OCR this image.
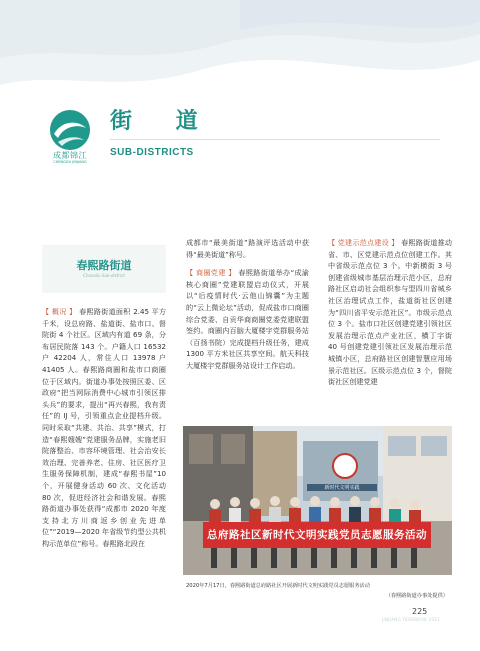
成都锦江
CHENGDU JINJIANG
街 道
SUB-DISTRICTS
春熙路街道
Chunxilu Sub-district
【 概况 】 春熙路街道面积 2.45 平方千米，设总府路、盐道街、盐市口、督院街 4 个社区。区域内有道 69 条，分布居民院落 143 个。户籍人口 16532 户 42204 人，常住人口 13978 户 41405 人。春熙路商圈和盐市口商圈位于区域内。街道办事处按照区委、区政府“把当网际消费中心城市引领区排头兵”的要求，提出“再兴春熙，我有责任”的 IJ 号，引领重点企业提档升级。同时采取“共建、共治、共享”模式，打造“春熙嫂嫂”党建服务品牌，实施老旧院落整治、市容环境管理、社会治安长效治理、完善养老、住房、社区医疗卫生服务保障机制，建成“春熙书屋”10 个，开展健身活动 60 次、文化活动 80 次，促进经济社会和谐发展。春熙路街道办事处获得“成都市 2020 年度支持北方川商返乡创业先进单位”“2019—2020 年省级节约型公共机构示范单位”称号。春熙路北段在
成都市“最美街道”路演评选活动中获得“最美街道”称号。
【 商圈党建 】 春熙路街道举办“成渝核心商圈”党建联盟启动仪式，开展以“后疫情时代·云他山锦囊”为主题的“云上微论坛”活动，促成盐市口商圈综合党委、自贡华商商圈党委党建联盟签约。商圈内百脑大厦楼宇党群服务站（百扬书院）完成提档升级任务，建成 1300 平方米社区共享空间。航天科技大厦楼宇党群服务站设计工作启动。
【 党建示范点建设 】 春熙路街道推动省、市、区党建示范点位创建工作。其中省级示范点位 3 个。中新横街 3 号创建省级城市基层治理示范小区，总府路社区启动社会组织参与型四川省城乡社区治理试点工作，盐道街社区创建为“四川省平安示范社区”。市级示范点位 3 个。盐市口社区创建党建引领社区发展治理示范点产业社区，横丁字街 40 号创建党建引领社区发展治理示范城镇小区，总府路社区创建智慧应用场景示范社区。区级示范点位 3 个，督院街社区创建党建
新时代文明实践
总府路社区新时代文明实践党员志愿服务活动
2020年7月17日，春熙路街道总府路社区开展新时代文明实践党员志愿服务活动
（春熙路街道办事处提供）
225
JINJIANG YEARBOOK 2021
